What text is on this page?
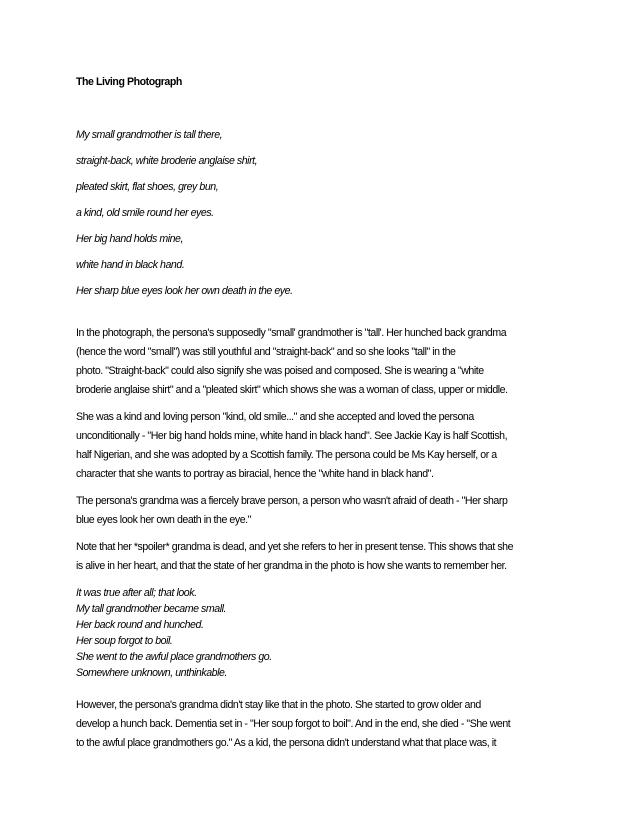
The Living Photograph
My small grandmother is tall there,
straight-back, white broderie anglaise shirt,
pleated skirt, flat shoes, grey bun,
a kind, old smile round her eyes.
Her big hand holds mine,
white hand in black hand.
Her sharp blue eyes look her own death in the eye.
In the photograph, the persona's supposedly "small' grandmother is "tall'. Her hunched back grandma
(hence the word "small") was still youthful and "straight-back" and so she looks "tall" in the
photo. "Straight-back" could also signify she was poised and composed. She is wearing a "white
broderie anglaise shirt" and a "pleated skirt" which shows she was a woman of class, upper or middle.
She was a kind and loving person "kind, old smile..." and she accepted and loved the persona
unconditionally - "Her big hand holds mine, white hand in black hand". See Jackie Kay is half Scottish,
half Nigerian, and she was adopted by a Scottish family. The persona could be Ms Kay herself, or a
character that she wants to portray as biracial, hence the "white hand in black hand".
The persona's grandma was a fiercely brave person, a person who wasn't afraid of death - "Her sharp
blue eyes look her own death in the eye."
Note that her *spoiler* grandma is dead, and yet she refers to her in present tense. This shows that she
is alive in her heart, and that the state of her grandma in the photo is how she wants to remember her.
It was true after all; that look.
My tall grandmother became small.
Her back round and hunched.
Her soup forgot to boil.
She went to the awful place grandmothers go.
Somewhere unknown, unthinkable.
However, the persona's grandma didn't stay like that in the photo. She started to grow older and
develop a hunch back. Dementia set in - "Her soup forgot to boil". And in the end, she died - "She went
to the awful place grandmothers go." As a kid, the persona didn't understand what that place was, it
